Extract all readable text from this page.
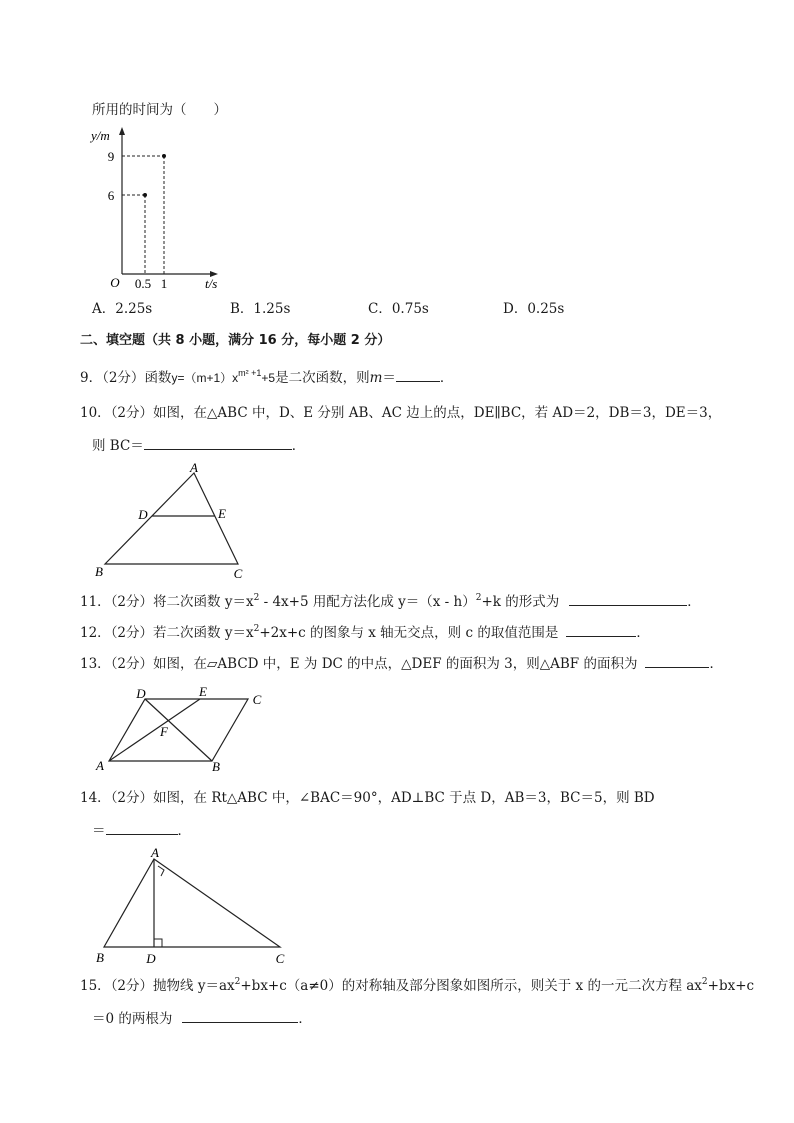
所用的时间为（　　）
y/m
9
6
O 0.5 1	t/s
A．2.25s	B．1.25s	C．0.75s	D．0.25s
二、填空题（共 8 小题，满分 16 分，每小题 2 分）
9．（2分）函数$y=(m+1)x^{m^2 +1}+5$是二次函数，则m＝	．
10．（2分）如图，在△ABC 中，D、E 分别 AB、AC 边上的点，DE∥BC，若 AD＝2，DB＝3，DE＝3，
则 BC＝	．
A
D	E
B	C
11．（2分）将二次函数 $y=x^2 - 4x+5$ 用配方法化成 y＝（x - h）$^2$+k 的形式为	．
12．（2分）若二次函数 $y=x^2+2x+c$ 的图象与 x 轴无交点，则 c 的取值范围是	．
13．（2分）如图，在▱ABCD 中，E 为 DC 的中点，△DEF 的面积为 3，则△ABF 的面积为	．
D	E
C
F
A	B
14．（2分）如图，在 Rt△ABC 中，∠BAC＝90°，AD⊥BC 于点 D，AB＝3，BC＝5，则 BD
＝	．
A
B	D	C
15．（2分）抛物线 $y=ax^2+bx+c(a\ne 0)$的对称轴及部分图象如图所示，则关于 x 的一元二次方程 $ax^2+bx+c$
＝0 的两根为	．
